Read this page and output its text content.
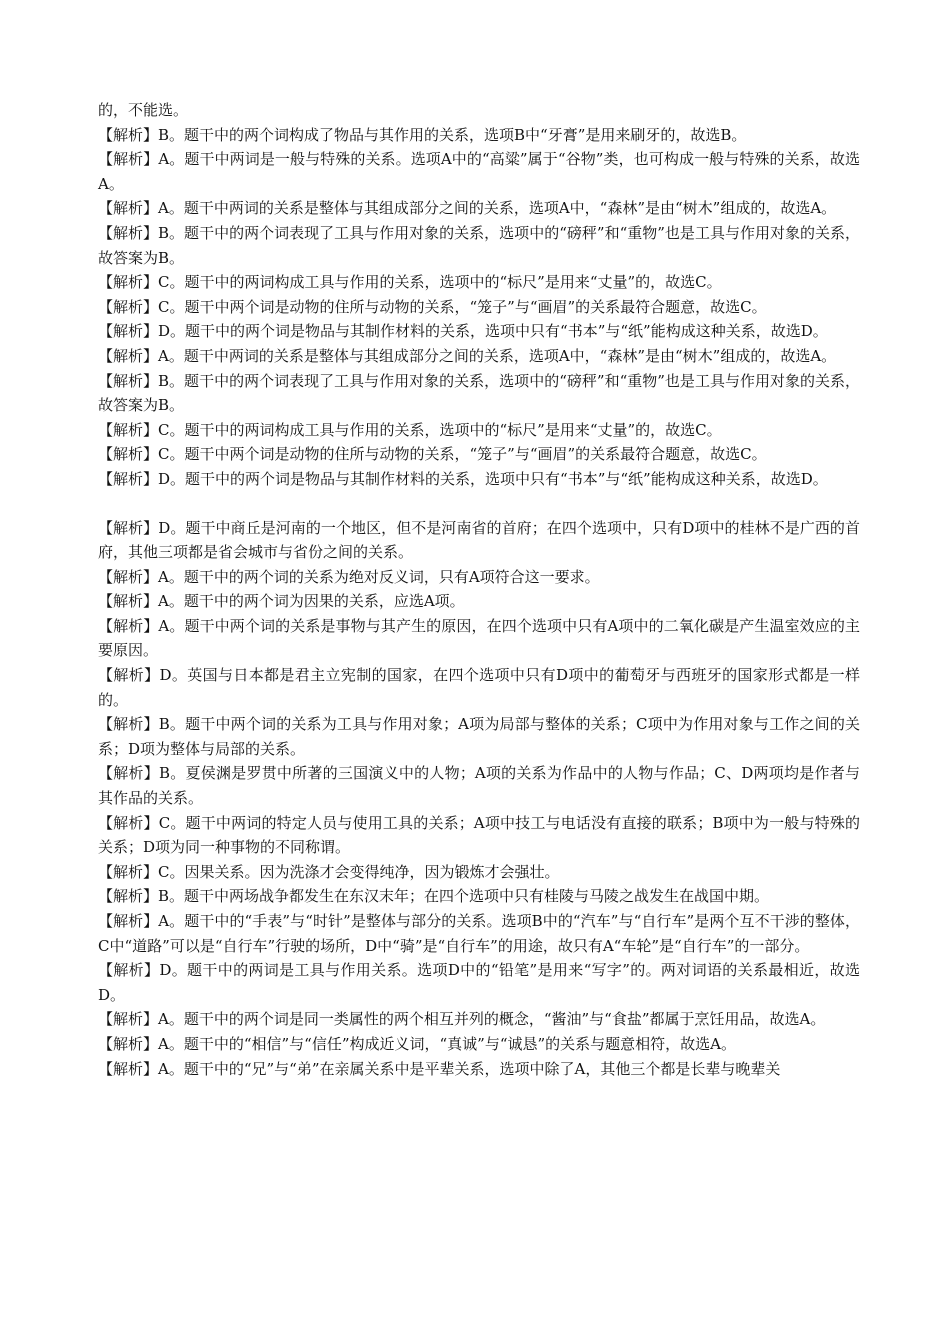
的，不能选。

【解析】B。题干中的两个词构成了物品与其作用的关系，选项B中“牙膏”是用来刷牙的，故选B。

【解析】A。题干中两词是一般与特殊的关系。选项A中的“高粱”属于“谷物”类，也可构成一般与特殊的关系，故选A。

【解析】A。题干中两词的关系是整体与其组成部分之间的关系，选项A中，“森林”是由“树木”组成的，故选A。

【解析】B。题干中的两个词表现了工具与作用对象的关系，选项中的“磅秤”和“重物”也是工具与作用对象的关系，故答案为B。

【解析】C。题干中的两词构成工具与作用的关系，选项中的“标尺”是用来“丈量”的，故选C。

【解析】C。题干中两个词是动物的住所与动物的关系，“笼子”与“画眉”的关系最符合题意，故选C。

【解析】D。题干中的两个词是物品与其制作材料的关系，选项中只有“书本”与“纸”能构成这种关系，故选D。

【解析】A。题干中两词的关系是整体与其组成部分之间的关系，选项A中，“森林”是由“树木”组成的，故选A。

【解析】B。题干中的两个词表现了工具与作用对象的关系，选项中的“磅秤”和“重物”也是工具与作用对象的关系，故答案为B。

【解析】C。题干中的两词构成工具与作用的关系，选项中的“标尺”是用来“丈量”的，故选C。

【解析】C。题干中两个词是动物的住所与动物的关系，“笼子”与“画眉”的关系最符合题意，故选C。

【解析】D。题干中的两个词是物品与其制作材料的关系，选项中只有“书本”与“纸”能构成这种关系，故选D。

【解析】D。题干中商丘是河南的一个地区，但不是河南省的首府；在四个选项中，只有D项中的桂林不是广西的首府，其他三项都是省会城市与省份之间的关系。

【解析】A。题干中的两个词的关系为绝对反义词，只有A项符合这一要求。

【解析】A。题干中的两个词为因果的关系，应选A项。

【解析】A。题干中两个词的关系是事物与其产生的原因，在四个选项中只有A项中的二氧化碳是产生温室效应的主要原因。

【解析】D。英国与日本都是君主立宪制的国家，在四个选项中只有D项中的葡萄牙与西班牙的国家形式都是一样的。

【解析】B。题干中两个词的关系为工具与作用对象；A项为局部与整体的关系；C项中为作用对象与工作之间的关系；D项为整体与局部的关系。

【解析】B。夏侯渊是罗贯中所著的三国演义中的人物；A项的关系为作品中的人物与作品；C、D两项均是作者与其作品的关系。

【解析】C。题干中两词的特定人员与使用工具的关系；A项中技工与电话没有直接的联系；B项中为一般与特殊的关系；D项为同一种事物的不同称谓。

【解析】C。因果关系。因为洗涤才会变得纯净，因为锻炼才会强壮。

【解析】B。题干中两场战争都发生在东汉末年；在四个选项中只有桂陵与马陵之战发生在战国中期。

【解析】A。题干中的“手表”与“时针”是整体与部分的关系。选项B中的“汽车”与“自行车”是两个互不干涉的整体，C中“道路”可以是“自行车”行驶的场所，D中“骑”是“自行车”的用途，故只有A“车轮”是“自行车”的一部分。

【解析】D。题干中的两词是工具与作用关系。选项D中的“铅笔”是用来“写字”的。两对词语的关系最相近，故选D。

【解析】A。题干中的两个词是同一类属性的两个相互并列的概念，“酱油”与“食盐”都属于烹饪用品，故选A。

【解析】A。题干中的“相信”与“信任”构成近义词，“真诚”与“诚恳”的关系与题意相符，故选A。

【解析】A。题干中的“兄”与“弟”在亲属关系中是平辈关系，选项中除了A，其他三个都是长辈与晚辈关
